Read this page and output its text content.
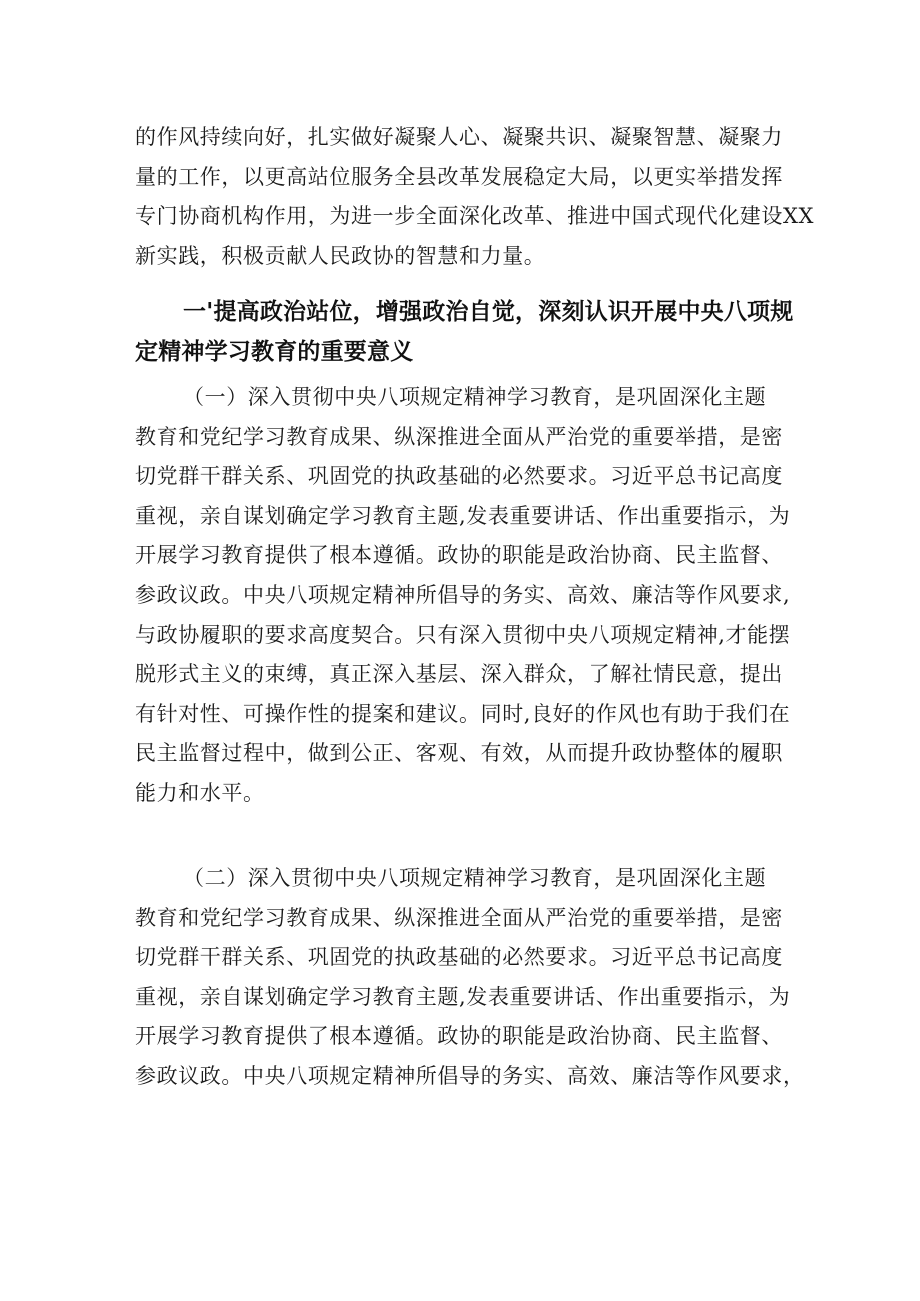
的作风持续向好，扎实做好凝聚人心、凝聚共识、凝聚智慧、凝聚力
量的工作，以更高站位服务全县改革发展稳定大局，以更实举措发挥
专门协商机构作用，为进一步全面深化改革、推进中国式现代化建设XX
新实践，积极贡献人民政协的智慧和力量。
一'提高政治站位，增强政治自觉，深刻认识开展中央八项规
定精神学习教育的重要意义
（一）深入贯彻中央八项规定精神学习教育，是巩固深化主题
教育和党纪学习教育成果、纵深推进全面从严治党的重要举措，是密
切党群干群关系、巩固党的执政基础的必然要求。习近平总书记高度
重视，亲自谋划确定学习教育主题,发表重要讲话、作出重要指示，为
开展学习教育提供了根本遵循。政协的职能是政治协商、民主监督、
参政议政。中央八项规定精神所倡导的务实、高效、廉洁等作风要求,
与政协履职的要求高度契合。只有深入贯彻中央八项规定精神,才能摆
脱形式主义的束缚，真正深入基层、深入群众，了解社情民意，提出
有针对性、可操作性的提案和建议。同时,良好的作风也有助于我们在
民主监督过程中，做到公正、客观、有效，从而提升政协整体的履职
能力和水平。
（二）深入贯彻中央八项规定精神学习教育，是巩固深化主题
教育和党纪学习教育成果、纵深推进全面从严治党的重要举措，是密
切党群干群关系、巩固党的执政基础的必然要求。习近平总书记高度
重视，亲自谋划确定学习教育主题,发表重要讲话、作出重要指示，为
开展学习教育提供了根本遵循。政协的职能是政治协商、民主监督、
参政议政。中央八项规定精神所倡导的务实、高效、廉洁等作风要求，
